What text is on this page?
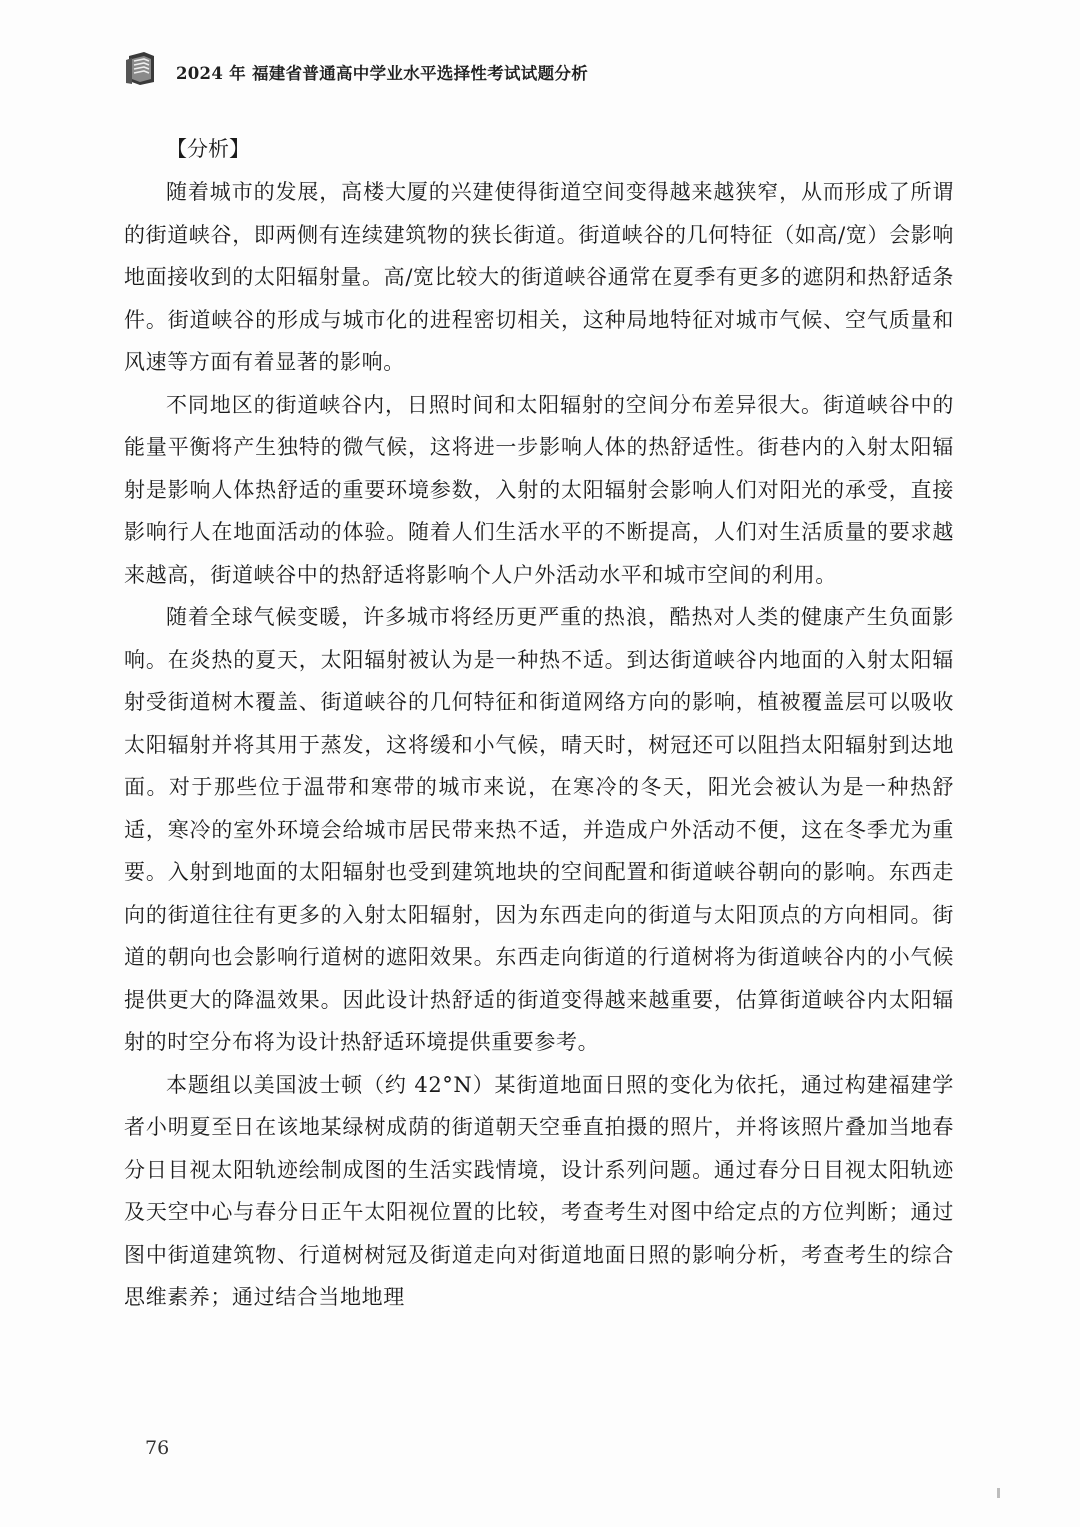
2024 年 福建省普通高中学业水平选择性考试试题分析
【分析】

随着城市的发展，高楼大厦的兴建使得街道空间变得越来越狭窄，从而形成了所谓的街道峡谷，即两侧有连续建筑物的狭长街道。街道峡谷的几何特征（如高/宽）会影响地面接收到的太阳辐射量。高/宽比较大的街道峡谷通常在夏季有更多的遮阴和热舒适条件。街道峡谷的形成与城市化的进程密切相关，这种局地特征对城市气候、空气质量和风速等方面有着显著的影响。

不同地区的街道峡谷内，日照时间和太阳辐射的空间分布差异很大。街道峡谷中的能量平衡将产生独特的微气候，这将进一步影响人体的热舒适性。街巷内的入射太阳辐射是影响人体热舒适的重要环境参数，入射的太阳辐射会影响人们对阳光的承受，直接影响行人在地面活动的体验。随着人们生活水平的不断提高，人们对生活质量的要求越来越高，街道峡谷中的热舒适将影响个人户外活动水平和城市空间的利用。

随着全球气候变暖，许多城市将经历更严重的热浪，酷热对人类的健康产生负面影响。在炎热的夏天，太阳辐射被认为是一种热不适。到达街道峡谷内地面的入射太阳辐射受街道树木覆盖、街道峡谷的几何特征和街道网络方向的影响，植被覆盖层可以吸收太阳辐射并将其用于蒸发，这将缓和小气候，晴天时，树冠还可以阻挡太阳辐射到达地面。对于那些位于温带和寒带的城市来说，在寒冷的冬天，阳光会被认为是一种热舒适，寒冷的室外环境会给城市居民带来热不适，并造成户外活动不便，这在冬季尤为重要。入射到地面的太阳辐射也受到建筑地块的空间配置和街道峡谷朝向的影响。东西走向的街道往往有更多的入射太阳辐射，因为东西走向的街道与太阳顶点的方向相同。街道的朝向也会影响行道树的遮阳效果。东西走向街道的行道树将为街道峡谷内的小气候提供更大的降温效果。因此设计热舒适的街道变得越来越重要，估算街道峡谷内太阳辐射的时空分布将为设计热舒适环境提供重要参考。

本题组以美国波士顿（约 42°N）某街道地面日照的变化为依托，通过构建福建学者小明夏至日在该地某绿树成荫的街道朝天空垂直拍摄的照片，并将该照片叠加当地春分日目视太阳轨迹绘制成图的生活实践情境，设计系列问题。通过春分日目视太阳轨迹及天空中心与春分日正午太阳视位置的比较，考查考生对图中给定点的方位判断；通过图中街道建筑物、行道树树冠及街道走向对街道地面日照的影响分析，考查考生的综合思维素养；通过结合当地地理

76
